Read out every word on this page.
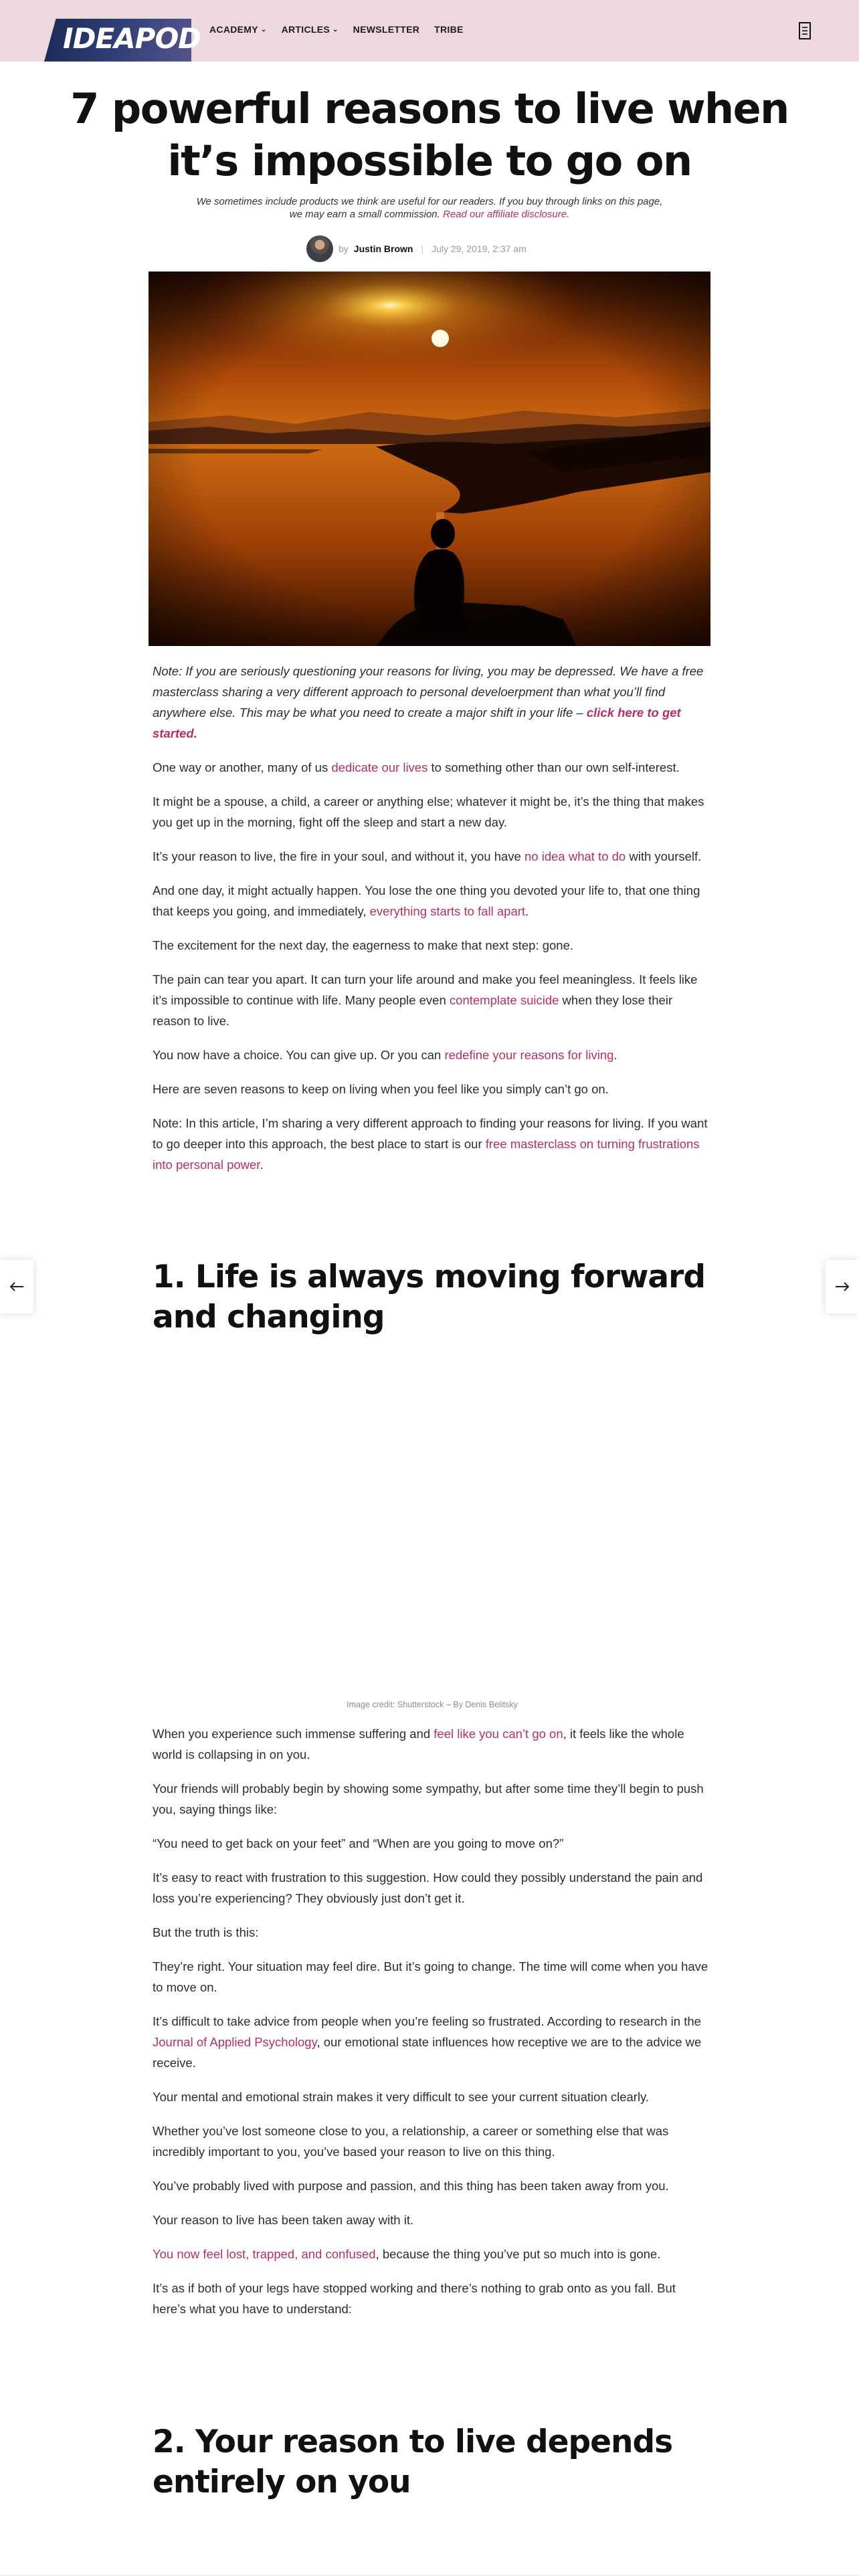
IDEAPOD ACADEMY ⌄ ARTICLES ⌄ NEWSLETTER TRIBE
7 powerful reasons to live when it’s impossible to go on
We sometimes include products we think are useful for our readers. If you buy through links on this page, we may earn a small commission. Read our affiliate disclosure.
by Justin Brown | July 29, 2019, 2:37 am

Note: If you are seriously questioning your reasons for living, you may be depressed. We have a free masterclass sharing a very different approach to personal develoerpment than what you’ll find anywhere else. This may be what you need to create a major shift in your life – click here to get started.

One way or another, many of us dedicate our lives to something other than our own self-interest.

It might be a spouse, a child, a career or anything else; whatever it might be, it’s the thing that makes you get up in the morning, fight off the sleep and start a new day.

It’s your reason to live, the fire in your soul, and without it, you have no idea what to do with yourself.

And one day, it might actually happen. You lose the one thing you devoted your life to, that one thing that keeps you going, and immediately, everything starts to fall apart.

The excitement for the next day, the eagerness to make that next step: gone.

The pain can tear you apart. It can turn your life around and make you feel meaningless. It feels like it’s impossible to continue with life. Many people even contemplate suicide when they lose their reason to live.

You now have a choice. You can give up. Or you can redefine your reasons for living.

Here are seven reasons to keep on living when you feel like you simply can’t go on.

Note: In this article, I’m sharing a very different approach to finding your reasons for living. If you want to go deeper into this approach, the best place to start is our free masterclass on turning frustrations into personal power.

1. Life is always moving forward and changing
Image credit: Shutterstock – By Denis Belitsky

When you experience such immense suffering and feel like you can’t go on, it feels like the whole world is collapsing in on you.

Your friends will probably begin by showing some sympathy, but after some time they’ll begin to push you, saying things like:

“You need to get back on your feet” and “When are you going to move on?”

It’s easy to react with frustration to this suggestion. How could they possibly understand the pain and loss you’re experiencing? They obviously just don’t get it.

But the truth is this:

They’re right. Your situation may feel dire. But it’s going to change. The time will come when you have to move on.

It’s difficult to take advice from people when you’re feeling so frustrated. According to research in the Journal of Applied Psychology, our emotional state influences how receptive we are to the advice we receive.

Your mental and emotional strain makes it very difficult to see your current situation clearly.

Whether you’ve lost someone close to you, a relationship, a career or something else that was incredibly important to you, you’ve based your reason to live on this thing.

You’ve probably lived with purpose and passion, and this thing has been taken away from you.

Your reason to live has been taken away with it.

You now feel lost, trapped, and confused, because the thing you’ve put so much into is gone.

It’s as if both of your legs have stopped working and there’s nothing to grab onto as you fall. But here’s what you have to understand:

2. Your reason to live depends entirely on you
